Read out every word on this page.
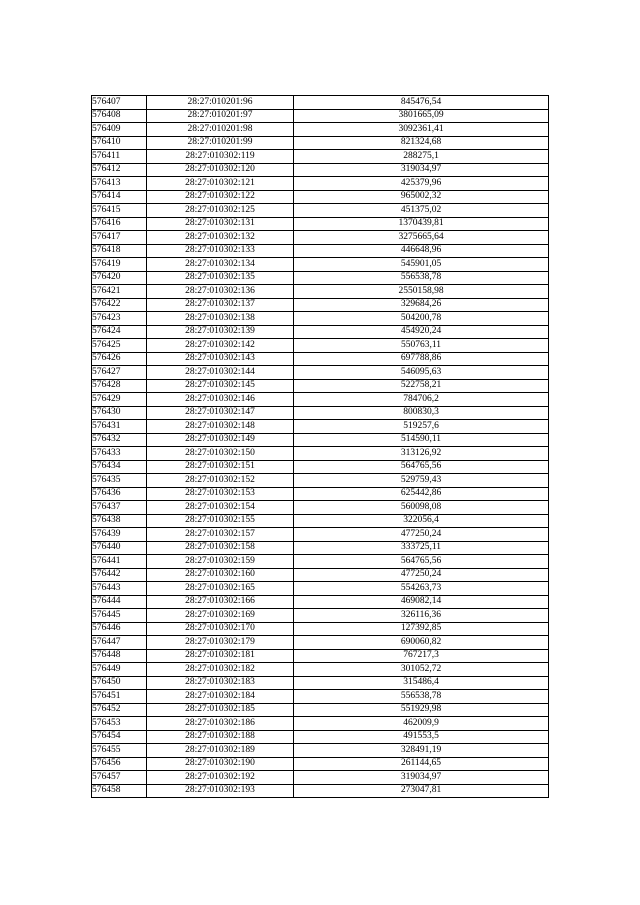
576407	28:27:010201:96	845476,54
576408	28:27:010201:97	3801665,09
576409	28:27:010201:98	3092361,41
576410	28:27:010201:99	821324,68
576411	28:27:010302:119	288275,1
576412	28:27:010302:120	319034,97
576413	28:27:010302:121	425379,96
576414	28:27:010302:122	965002,32
576415	28:27:010302:125	451375,02
576416	28:27:010302:131	1370439,81
576417	28:27:010302:132	3275665,64
576418	28:27:010302:133	446648,96
576419	28:27:010302:134	545901,05
576420	28:27:010302:135	556538,78
576421	28:27:010302:136	2550158,98
576422	28:27:010302:137	329684,26
576423	28:27:010302:138	504200,78
576424	28:27:010302:139	454920,24
576425	28:27:010302:142	550763,11
576426	28:27:010302:143	697788,86
576427	28:27:010302:144	546095,63
576428	28:27:010302:145	522758,21
576429	28:27:010302:146	784706,2
576430	28:27:010302:147	800830,3
576431	28:27:010302:148	519257,6
576432	28:27:010302:149	514590,11
576433	28:27:010302:150	313126,92
576434	28:27:010302:151	564765,56
576435	28:27:010302:152	529759,43
576436	28:27:010302:153	625442,86
576437	28:27:010302:154	560098,08
576438	28:27:010302:155	322056,4
576439	28:27:010302:157	477250,24
576440	28:27:010302:158	333725,11
576441	28:27:010302:159	564765,56
576442	28:27:010302:160	477250,24
576443	28:27:010302:165	554263,73
576444	28:27:010302:166	469082,14
576445	28:27:010302:169	326116,36
576446	28:27:010302:170	127392,85
576447	28:27:010302:179	690060,82
576448	28:27:010302:181	767217,3
576449	28:27:010302:182	301052,72
576450	28:27:010302:183	315486,4
576451	28:27:010302:184	556538,78
576452	28:27:010302:185	551929,98
576453	28:27:010302:186	462009,9
576454	28:27:010302:188	491553,5
576455	28:27:010302:189	328491,19
576456	28:27:010302:190	261144,65
576457	28:27:010302:192	319034,97
576458	28:27:010302:193	273047,81
